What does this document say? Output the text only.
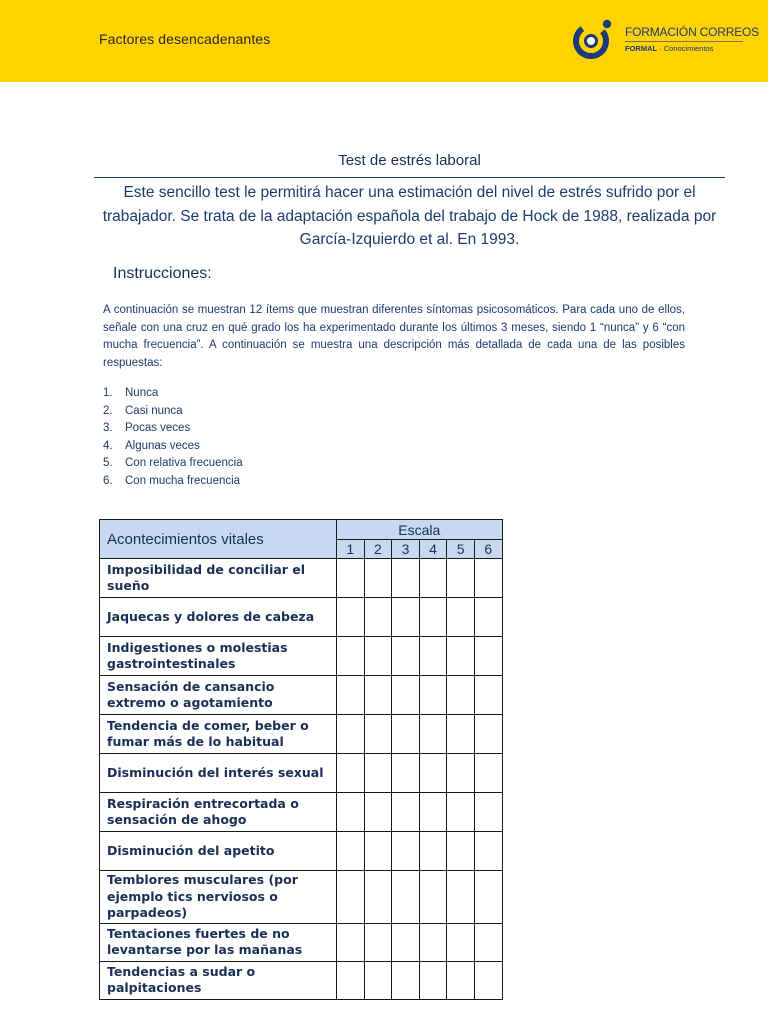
Factores desencadenantes	FORMACIÓN CORREOS
FORMAL · Conocimientos
Test de estrés laboral
Este sencillo test le permitirá hacer una estimación del nivel de estrés sufrido por el trabajador. Se trata de la adaptación española del trabajo de Hock de 1988, realizada por García-Izquierdo et al. En 1993.
Instrucciones:
A continuación se muestran 12 ítems que muestran diferentes síntomas psicosomáticos. Para cada uno de ellos, señale con una cruz en qué grado los ha experimentado durante los últimos 3 meses, siendo 1 “nunca” y 6 “con mucha frecuencia”. A continuación se muestra una descripción más detallada de cada una de las posibles respuestas:
1. Nunca
2. Casi nunca
3. Pocas veces
4. Algunas veces
5. Con relativa frecuencia
6. Con mucha frecuencia
Acontecimientos vitales	Escala					
	1	2	3	4	5	6
Imposibilidad de conciliar el sueño						
Jaquecas y dolores de cabeza						
Indigestiones o molestias gastrointestinales						
Sensación de cansancio extremo o agotamiento						
Tendencia de comer, beber o fumar más de lo habitual						
Disminución del interés sexual						
Respiración entrecortada o sensación de ahogo						
Disminución del apetito						
Temblores musculares (por ejemplo tics nerviosos o parpadeos)						
Tentaciones fuertes de no levantarse por las mañanas						
Tendencias a sudar o palpitaciones						
